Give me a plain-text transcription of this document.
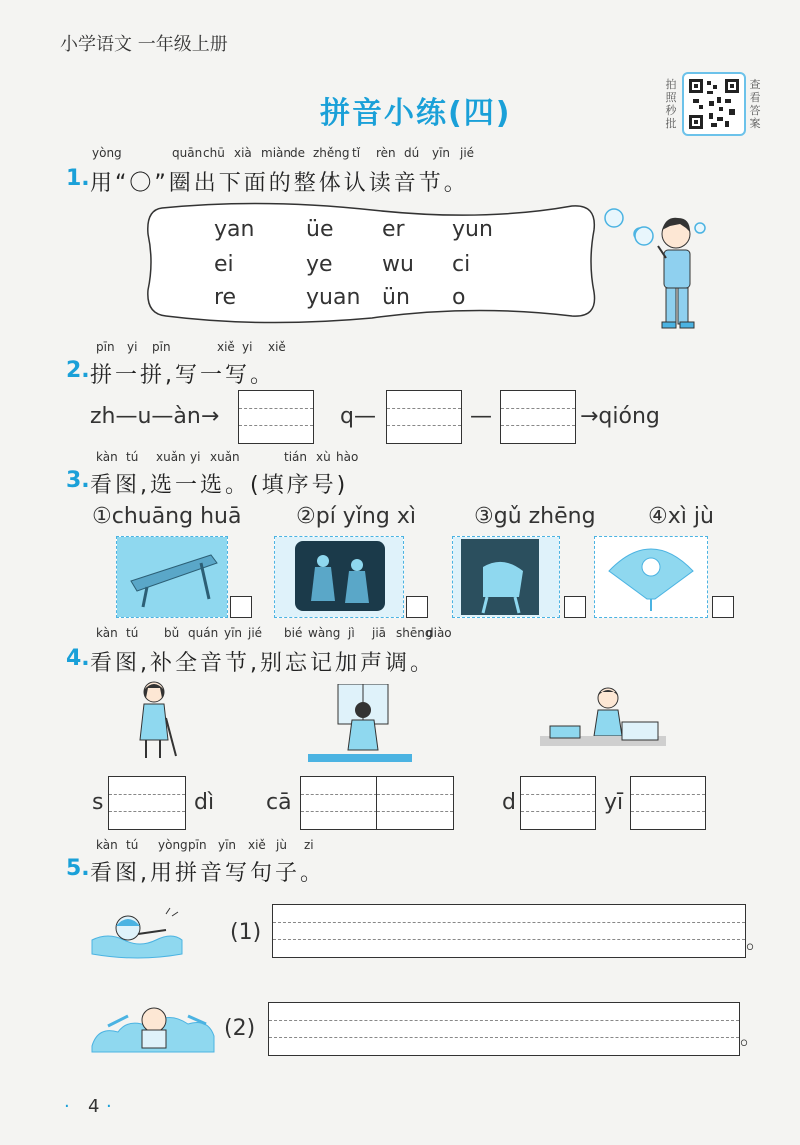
小学语文 一年级上册
拼音小练(四)
拍
照
秒
批
查
看
答
案
yòng	quān chū xià miàn de zhěng tǐ rèn dú yīn jié
1. 用“〇”圈出下面的整体认读音节。
yan üe er yun
ei	ye wu ci
re	yuan ün o
pīn yi pīn	xiě yi xiě
2. 拼一拼,写一写。
zh—u—àn→	q—	—	→qióng
kàn tú xuǎn yi xuǎn	tián xù hào
3. 看图,选一选。(填序号)
①chuāng huā ②pí yǐng xì	③gǔ zhēng ④xì jù
kàn tú bǔ quán yīn jié bié wàng jì jiā shēng
diào
4. 看图,补全音节,别忘记加声调。
s	dì cā	d	yī
kàn tú yòng pīn yīn xiě jù zi
5. 看图,用拼音写句子。
(1)	。
(2)	。
· 4 ·
